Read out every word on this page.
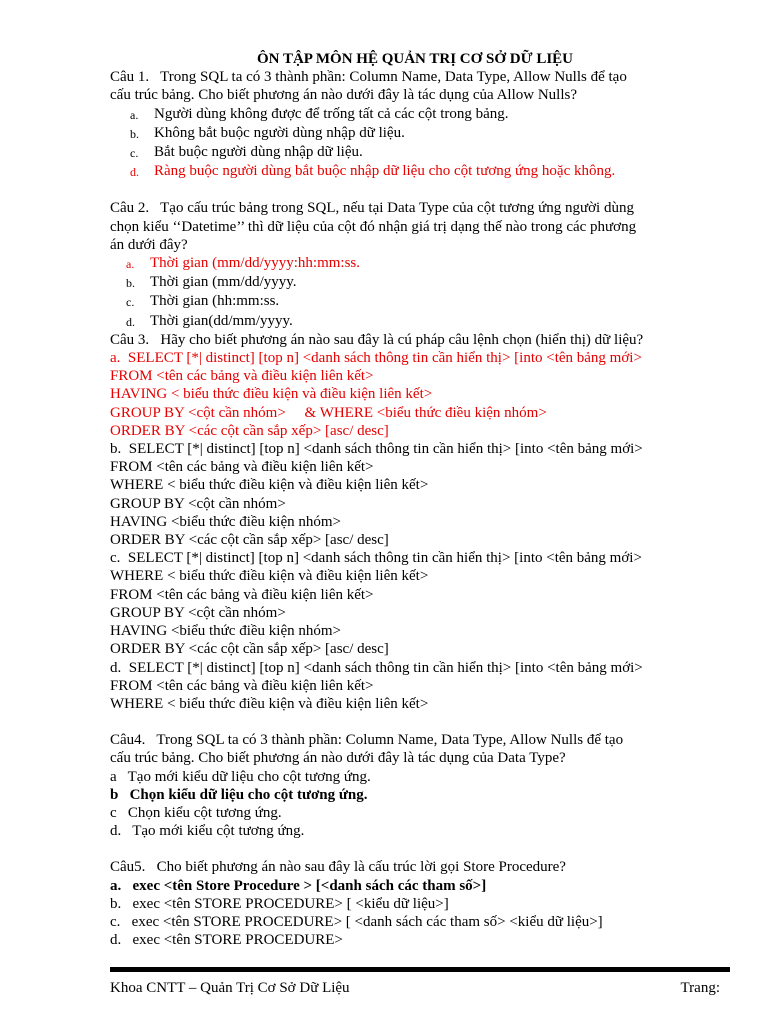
ÔN TẬP MÔN HỆ QUẢN TRỊ CƠ SỞ DỮ LIỆU

Câu 1.   Trong SQL ta có 3 thành phần: Column Name, Data Type, Allow Nulls để tạo

cấu trúc bảng. Cho biết phương án nào dưới đây là tác dụng của Allow Nulls?

a.	Người dùng không được để trống tất cả các cột trong bảng.
b.	Không bắt buộc người dùng nhập dữ liệu.
c.	Bắt buộc người dùng nhập dữ liệu.
d.	Ràng buộc người dùng bắt buộc nhập dữ liệu cho cột tương ứng hoặc không.

Câu 2.   Tạo cấu trúc bảng trong SQL, nếu tại Data Type của cột tương ứng người dùng

chọn kiểu ‘‘Datetime’’ thì dữ liệu của cột đó nhận giá trị dạng thế nào trong các phương

án dưới đây?

a.	Thời gian (mm/dd/yyyy:hh:mm:ss.
b.	Thời gian (mm/dd/yyyy.
c.	Thời gian (hh:mm:ss.
d.	Thời gian(dd/mm/yyyy.

Câu 3.   Hãy cho biết phương án nào sau đây là cú pháp câu lệnh chọn (hiển thị) dữ liệu?

a.  SELECT [*| distinct] [top n] <danh sách thông tin cần hiển thị> [into <tên bảng mới>

FROM <tên các bảng và điều kiện liên kết>

HAVING < biểu thức điều kiện và điều kiện liên kết>

GROUP BY <cột cần nhóm>     & WHERE <biểu thức điều kiện nhóm>

ORDER BY <các cột cần sắp xếp> [asc/ desc]

b.  SELECT [*| distinct] [top n] <danh sách thông tin cần hiển thị> [into <tên bảng mới>

FROM <tên các bảng và điều kiện liên kết>

WHERE < biểu thức điều kiện và điều kiện liên kết>

GROUP BY <cột cần nhóm>

HAVING <biểu thức điều kiện nhóm>

ORDER BY <các cột cần sắp xếp> [asc/ desc]

c.  SELECT [*| distinct] [top n] <danh sách thông tin cần hiển thị> [into <tên bảng mới>

WHERE < biểu thức điều kiện và điều kiện liên kết>

FROM <tên các bảng và điều kiện liên kết>

GROUP BY <cột cần nhóm>

HAVING <biểu thức điều kiện nhóm>

ORDER BY <các cột cần sắp xếp> [asc/ desc]

d.  SELECT [*| distinct] [top n] <danh sách thông tin cần hiển thị> [into <tên bảng mới>

FROM <tên các bảng và điều kiện liên kết>

WHERE < biểu thức điều kiện và điều kiện liên kết>

Câu4.   Trong SQL ta có 3 thành phần: Column Name, Data Type, Allow Nulls để tạo

cấu trúc bảng. Cho biết phương án nào dưới đây là tác dụng của Data Type?

a   Tạo mới kiểu dữ liệu cho cột tương ứng.

b   Chọn kiểu dữ liệu cho cột tương ứng.

c   Chọn kiểu cột tương ứng.

d.   Tạo mới kiểu cột tương ứng.

Câu5.   Cho biết phương án nào sau đây là cấu trúc lời gọi Store Procedure?

a.   exec <tên Store Procedure > [<danh sách các tham số>]

b.   exec <tên STORE PROCEDURE> [ <kiểu dữ liệu>]

c.   exec <tên STORE PROCEDURE> [ <danh sách các tham số> <kiểu dữ liệu>]

d.   exec <tên STORE PROCEDURE>

Khoa CNTT – Quản Trị Cơ Sở Dữ Liệu	Trang:
